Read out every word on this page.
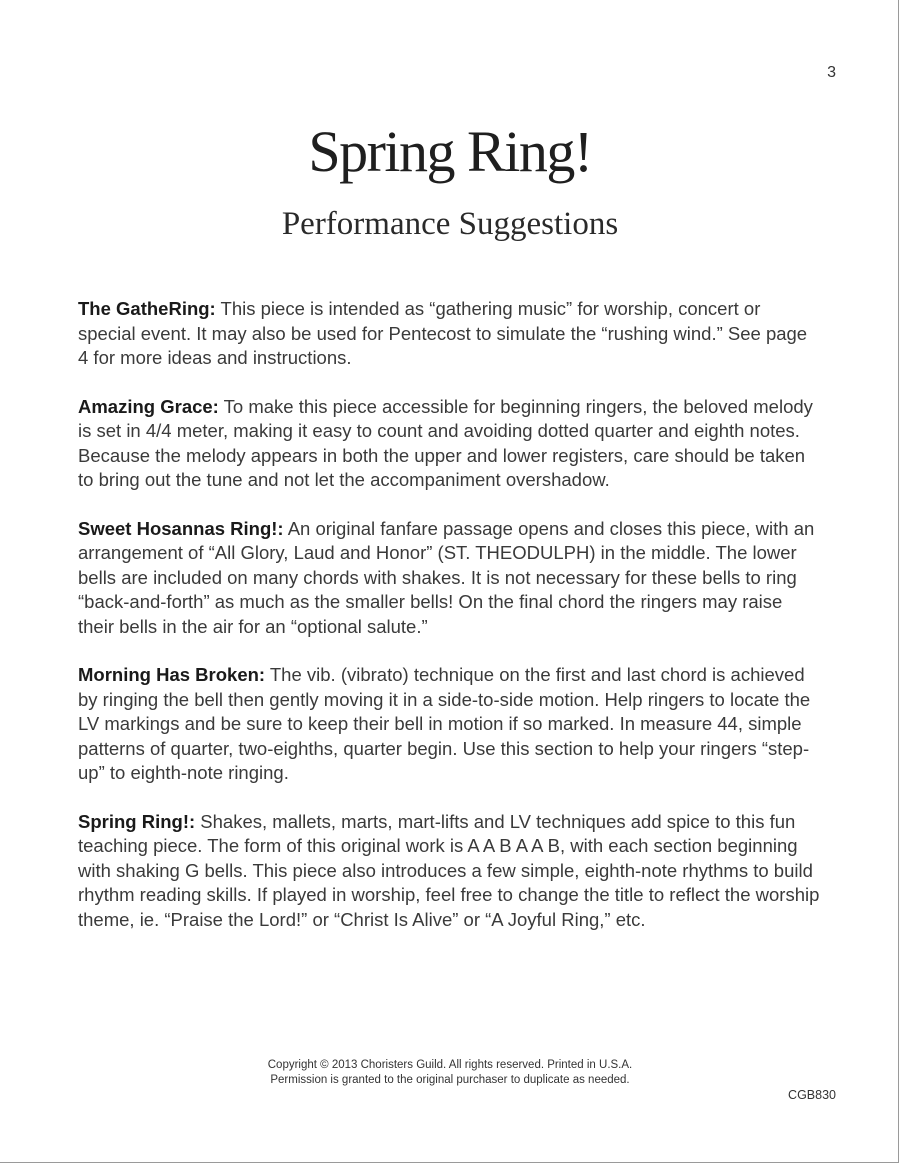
3
Spring Ring!
Performance Suggestions

The GatheRing: This piece is intended as “gathering music” for worship, concert or special event. It may also be used for Pentecost to simulate the “rushing wind.” See page 4 for more ideas and instructions.

Amazing Grace: To make this piece accessible for beginning ringers, the beloved melody is set in 4/4 meter, making it easy to count and avoiding dotted quarter and eighth notes. Because the melody appears in both the upper and lower registers, care should be taken to bring out the tune and not let the accompaniment overshadow.

Sweet Hosannas Ring!: An original fanfare passage opens and closes this piece, with an arrangement of “All Glory, Laud and Honor” (ST. THEODULPH) in the middle. The lower bells are included on many chords with shakes. It is not necessary for these bells to ring “back-and-forth” as much as the smaller bells! On the final chord the ringers may raise their bells in the air for an “optional salute.”

Morning Has Broken: The vib. (vibrato) technique on the first and last chord is achieved by ringing the bell then gently moving it in a side-to-side motion. Help ringers to locate the LV markings and be sure to keep their bell in motion if so marked. In measure 44, simple patterns of quarter, two-eighths, quarter begin. Use this section to help your ringers “step-up” to eighth-note ringing.

Spring Ring!: Shakes, mallets, marts, mart-lifts and LV techniques add spice to this fun teaching piece. The form of this original work is A A B A A B, with each section beginning with shaking G bells. This piece also introduces a few simple, eighth-note rhythms to build rhythm reading skills. If played in worship, feel free to change the title to reflect the worship theme, ie. “Praise the Lord!” or “Christ Is Alive” or “A Joyful Ring,” etc.

Copyright © 2013 Choristers Guild. All rights reserved. Printed in U.S.A.
Permission is granted to the original purchaser to duplicate as needed.
CGB830
